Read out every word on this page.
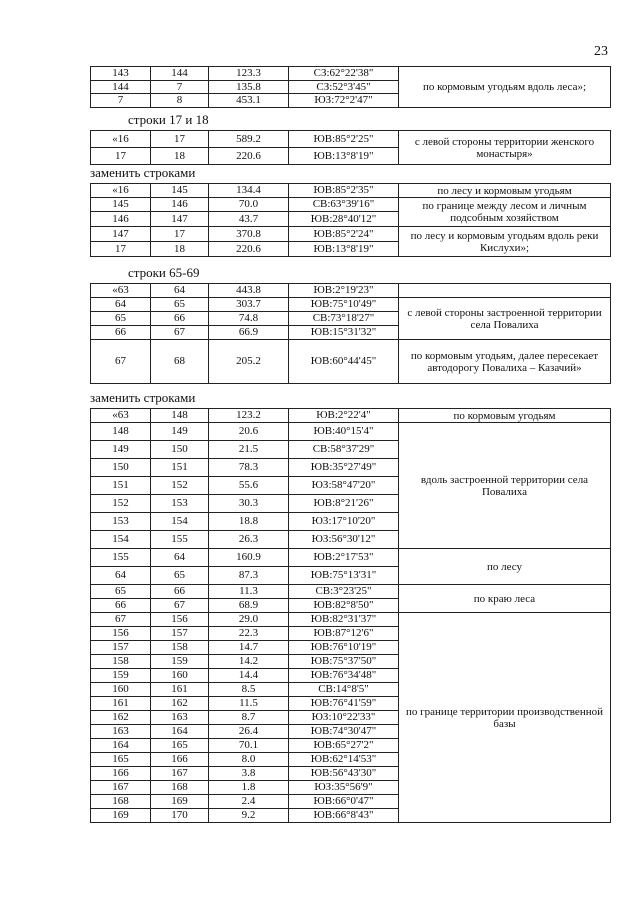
23
143	144	123.3	СЗ:62°22'38"	по кормовым угодьям вдоль леса»;
144	7	135.8	СЗ:52°3'45"	
7	8	453.1	ЮЗ:72°2'47"	
строки 17 и 18
«16	17	589.2	ЮВ:85°2'25"	с левой стороны территории женского монастыря»
17	18	220.6	ЮВ:13°8'19"	
заменить строками
«16	145	134.4	ЮВ:85°2'35"	по лесу и кормовым угодьям
145	146	70.0	СВ:63°39'16"	по границе между лесом и личным подсобным хозяйством
146	147	43.7	ЮВ:28°40'12"	
147	17	370.8	ЮВ:85°2'24"	по лесу и кормовым угодьям вдоль реки Кислухи»;
17	18	220.6	ЮВ:13°8'19"	
строки 65-69
«63	64	443.8	ЮВ:2°19'23"	
64	65	303.7	ЮВ:75°10'49"	с левой стороны застроенной территории села Повалиха
65	66	74.8	СВ:73°18'27"	
66	67	66.9	ЮВ:15°31'32"	
67	68	205.2	ЮВ:60°44'45"	по кормовым угодьям, далее пересекает автодорогу Повалиха – Казачий»
заменить строками
«63	148	123.2	ЮВ:2°22'4"	по кормовым угодьям
148	149	20.6	ЮВ:40°15'4"	вдоль застроенной территории села Повалиха
149	150	21.5	СВ:58°37'29"	
150	151	78.3	ЮВ:35°27'49"	
151	152	55.6	ЮЗ:58°47'20"	
152	153	30.3	ЮВ:8°21'26"	
153	154	18.8	ЮЗ:17°10'20"	
154	155	26.3	ЮЗ:56°30'12"	
155	64	160.9	ЮВ:2°17'53"	по лесу
64	65	87.3	ЮВ:75°13'31"	
65	66	11.3	СВ:3°23'25"	по краю леса
66	67	68.9	ЮВ:82°8'50"	
67	156	29.0	ЮВ:82°31'37"	по границе территории производственной базы
156	157	22.3	ЮВ:87°12'6"	
157	158	14.7	ЮВ:76°10'19"	
158	159	14.2	ЮВ:75°37'50"	
159	160	14.4	ЮВ:76°34'48"	
160	161	8.5	СВ:14°8'5"	
161	162	11.5	ЮВ:76°41'59"	
162	163	8.7	ЮЗ:10°22'33"	
163	164	26.4	ЮВ:74°30'47"	
164	165	70.1	ЮВ:65°27'2"	
165	166	8.0	ЮВ:62°14'53"	
166	167	3.8	ЮВ:56°43'30"	
167	168	1.8	ЮЗ:35°56'9"	
168	169	2.4	ЮВ:66°0'47"	
169	170	9.2	ЮВ:66°8'43"	
